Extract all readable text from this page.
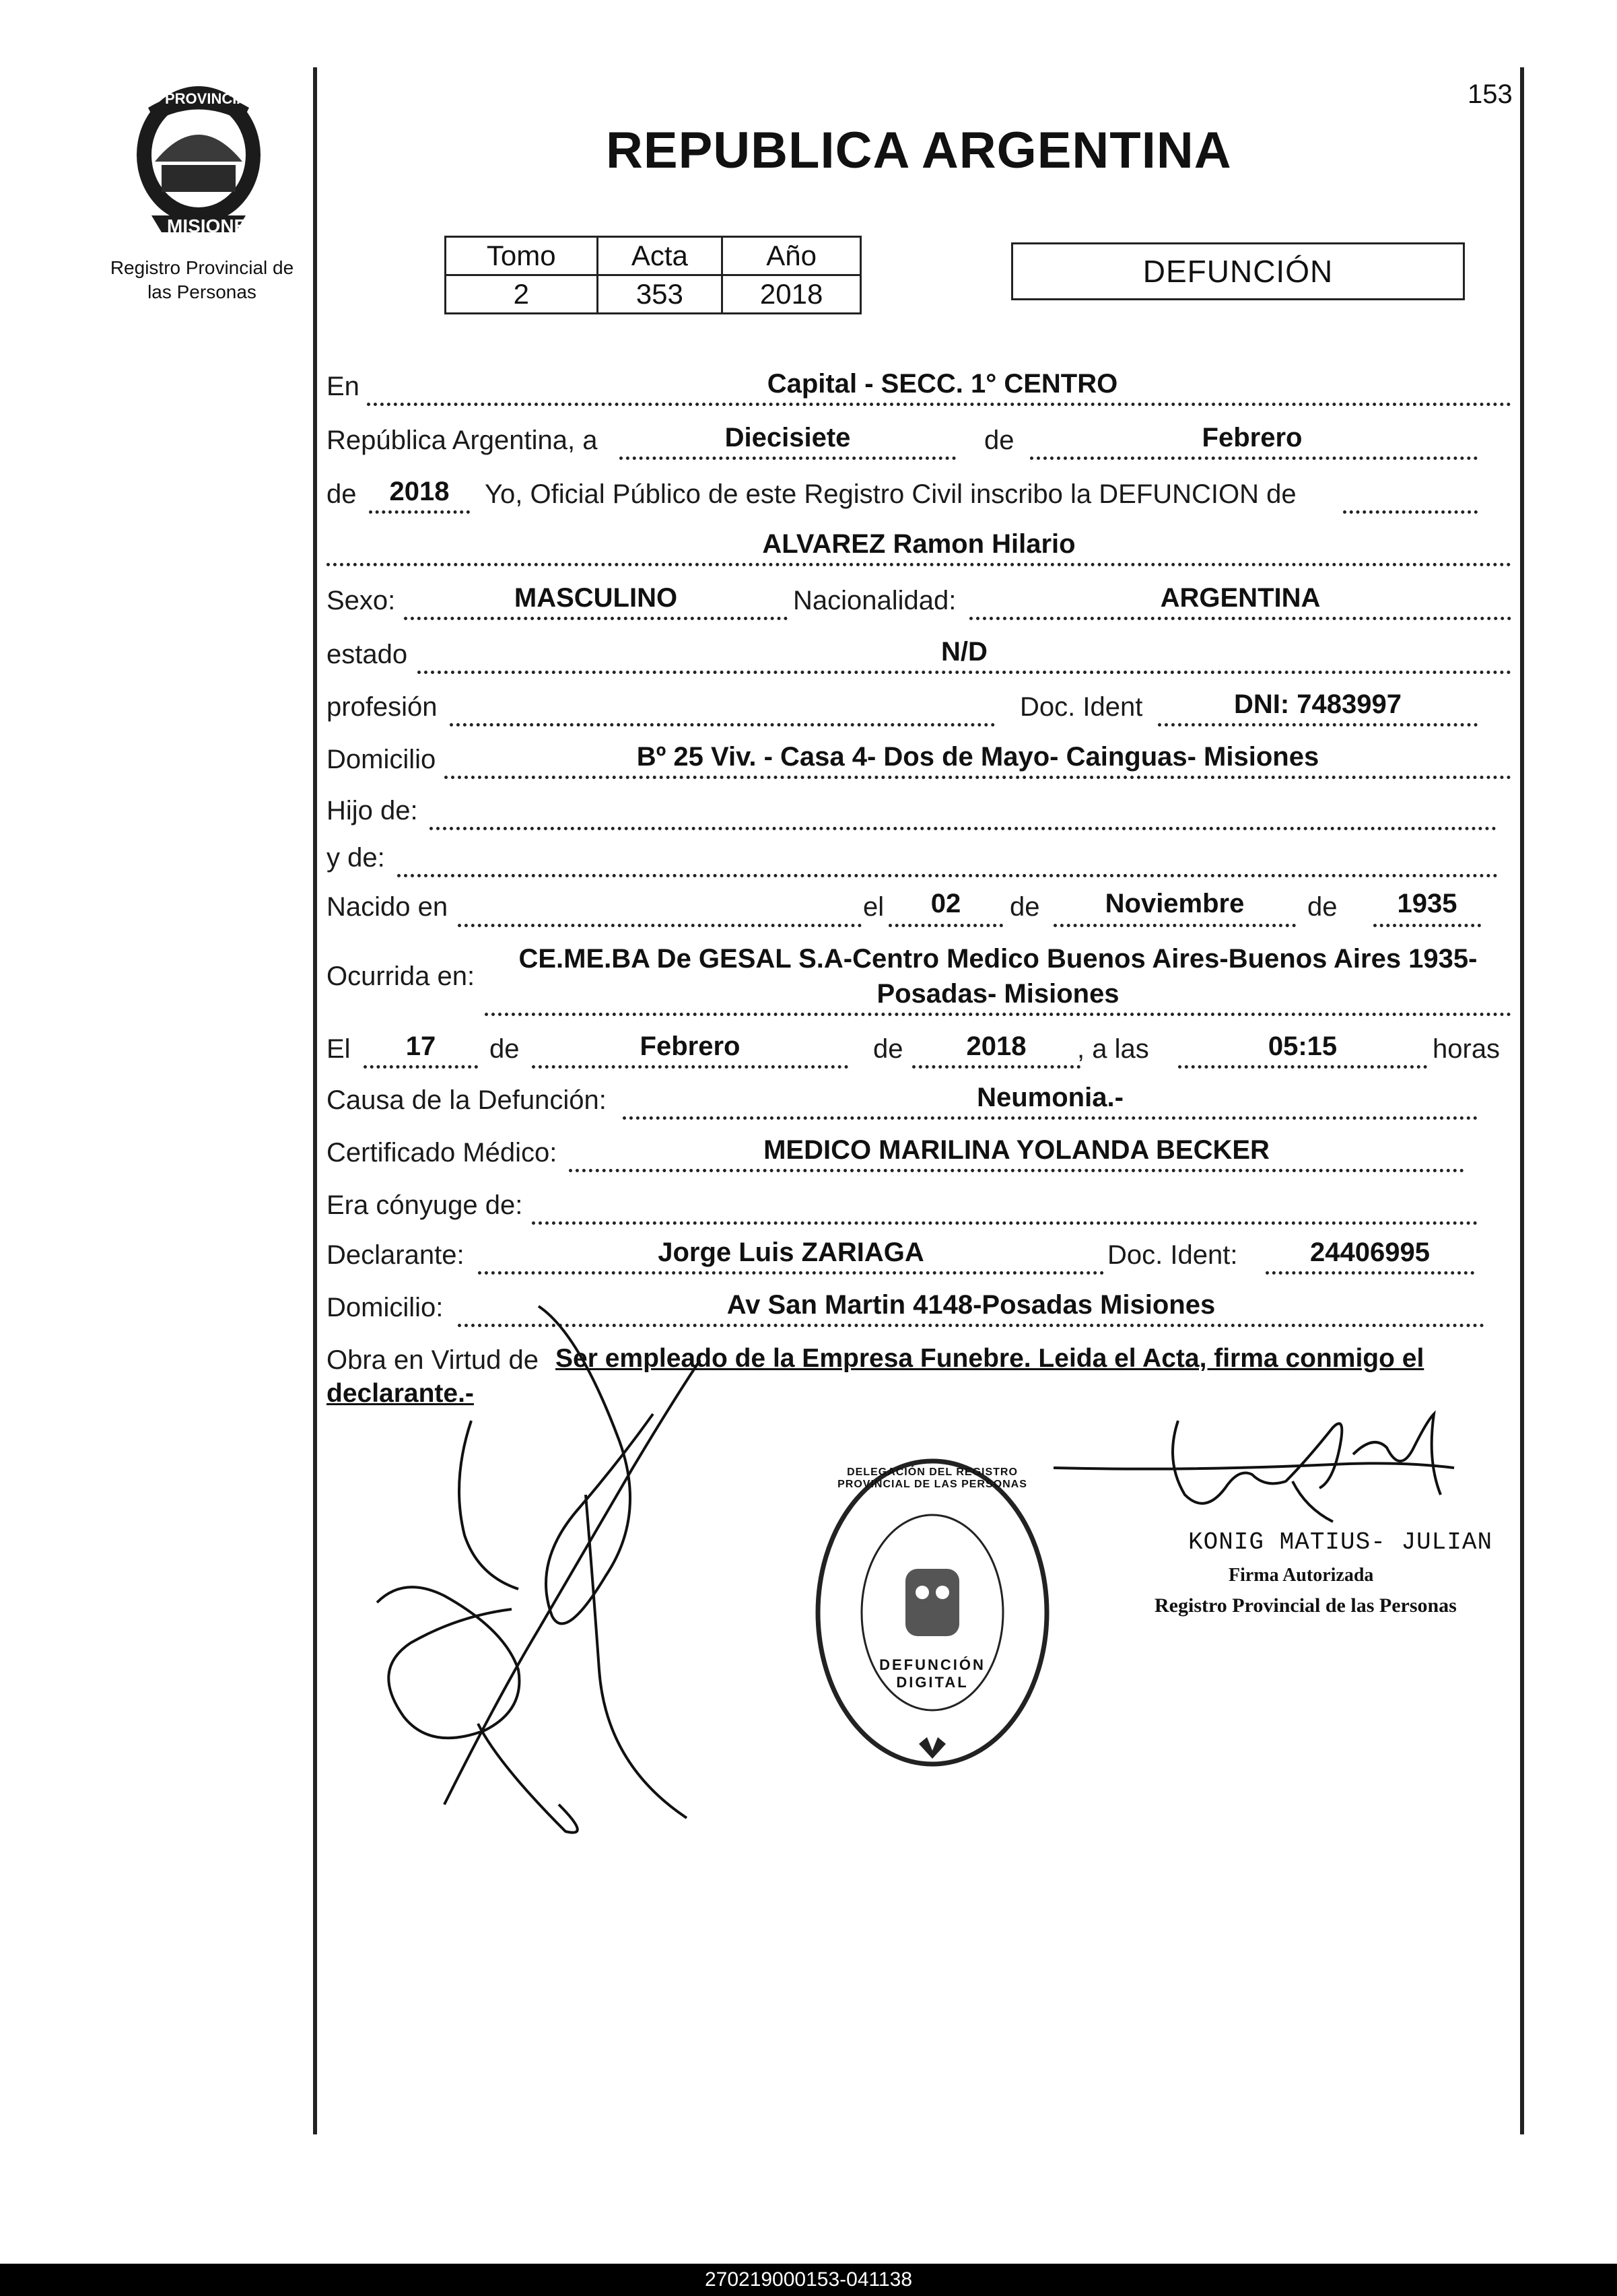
PROVINCIA DE
MISIONES
Registro Provincial de
las Personas
153
REPUBLICA ARGENTINA
Tomo	Acta	Año
2	353	2018
DEFUNCIÓN
En	Capital - SECC. 1° CENTRO
República Argentina, a	Diecisiete	de	Febrero
de	2018	Yo, Oficial Público de este Registro Civil inscribo la DEFUNCION de
ALVAREZ Ramon Hilario
Sexo:	MASCULINO	Nacionalidad:	ARGENTINA
estado	N/D
profesión	Doc. Ident	DNI: 7483997
Domicilio	Bº 25 Viv. - Casa 4- Dos de Mayo- Cainguas- Misiones
Hijo de:
y de:
Nacido en	el	02	de	Noviembre	de	1935
Ocurrida en:
CE.ME.BA De GESAL S.A-Centro Medico Buenos Aires-Buenos Aires 1935-
Posadas- Misiones
El	17	de	Febrero	de	2018	, a las	05:15	horas
Causa de la Defunción:	Neumonia.-
Certificado Médico:	MEDICO MARILINA YOLANDA BECKER
Era cónyuge de:
Declarante:	Jorge Luis ZARIAGA	Doc. Ident:	24406995
Domicilio:	Av San Martin 4148-Posadas Misiones
Obra en Virtud de Ser empleado de la Empresa Funebre. Leida el Acta, firma conmigo el
declarante.-
DELEGACIÓN DEL REGISTRO PROVINCIAL DE LAS PERSONAS
DEFUNCIÓN DIGITAL
KONIG MATIUS- JULIAN
Firma Autorizada
Registro Provincial de las Personas
270219000153-041138
